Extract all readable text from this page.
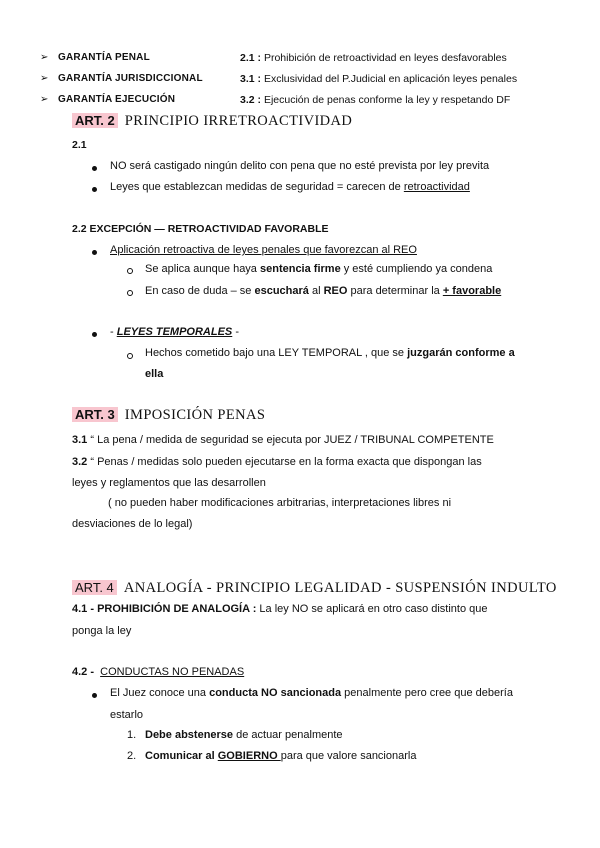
➢ GARANTÍA PENAL	2.1 : Prohibición de retroactividad en leyes desfavorables
➢ GARANTÍA JURISDICCIONAL	3.1 : Exclusividad del P.Judicial en aplicación leyes penales
➢ GARANTÍA EJECUCIÓN	3.2 : Ejecución de penas conforme la ley y respetando DF
ART. 2 PRINCIPIO IRRETROACTIVIDAD
2.1
NO será castigado ningún delito con pena que no esté prevista por ley previta
Leyes que establezcan medidas de seguridad = carecen de retroactividad
2.2 EXCEPCIÓN — RETROACTIVIDAD FAVORABLE
Aplicación retroactiva de leyes penales que favorezcan al REO
Se aplica aunque haya sentencia firme y esté cumpliendo ya condena
En caso de duda – se escuchará al REO para determinar la + favorable
- LEYES TEMPORALES -
Hechos cometido bajo una LEY TEMPORAL , que se juzgarán conforme a
ella
ART. 3 IMPOSICIÓN PENAS
3.1 “ La pena / medida de seguridad se ejecuta por JUEZ / TRIBUNAL COMPETENTE
3.2 “ Penas / medidas solo pueden ejecutarse en la forma exacta que dispongan las
leyes y reglamentos que las desarrollen
( no pueden haber modificaciones arbitrarias, interpretaciones libres ni
desviaciones de lo legal)
ART. 4 ANALOGÍA - PRINCIPIO LEGALIDAD - SUSPENSIÓN INDULTO
4.1 - PROHIBICIÓN DE ANALOGÍA : La ley NO se aplicará en otro caso distinto que
ponga la ley
4.2 - CONDUCTAS NO PENADAS
El Juez conoce una conducta NO sancionada penalmente pero cree que debería
estarlo
1. Debe abstenerse de actuar penalmente
2. Comunicar al GOBIERNO para que valore sancionarla
